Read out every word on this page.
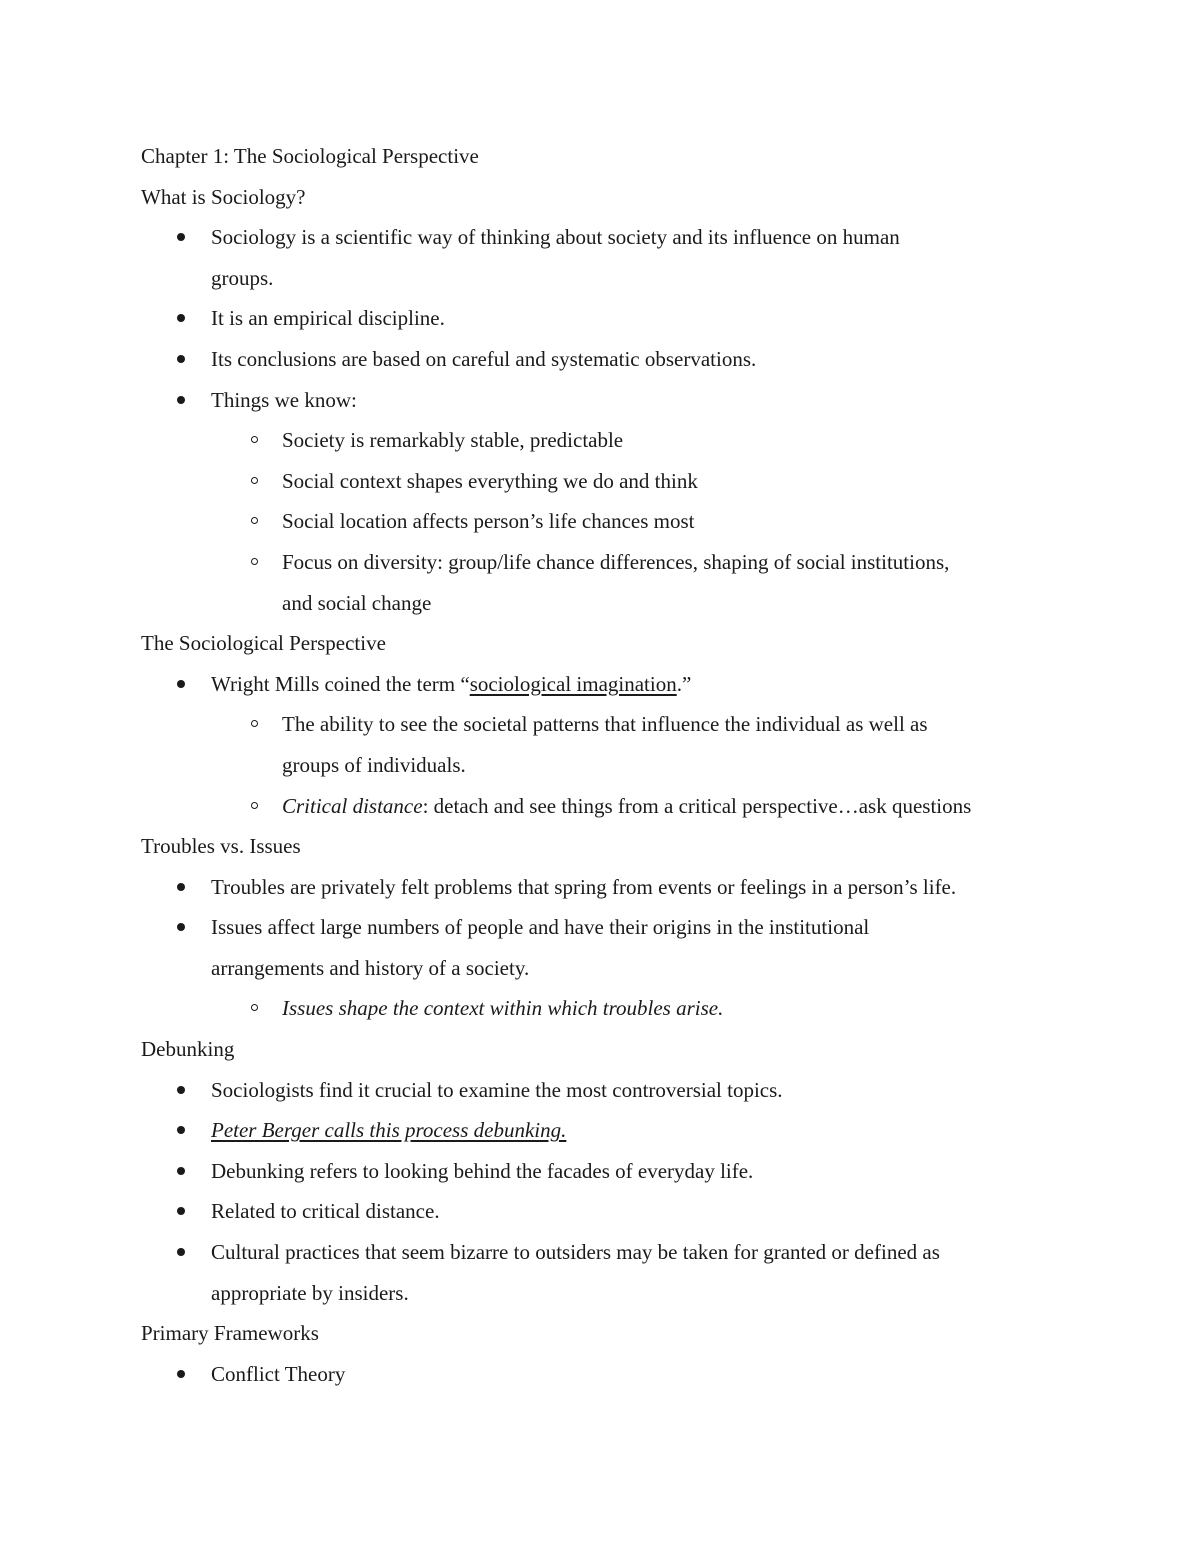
Chapter 1: The Sociological Perspective

What is Sociology?

Sociology is a scientific way of thinking about society and its influence on human

groups.

It is an empirical discipline.

Its conclusions are based on careful and systematic observations.

Things we know:

Society is remarkably stable, predictable

Social context shapes everything we do and think

Social location affects person’s life chances most

Focus on diversity: group/life chance differences, shaping of social institutions,

and social change

The Sociological Perspective

Wright Mills coined the term “sociological imagination.”

The ability to see the societal patterns that influence the individual as well as

groups of individuals.

Critical distance: detach and see things from a critical perspective…ask questions

Troubles vs. Issues

Troubles are privately felt problems that spring from events or feelings in a person’s life.

Issues affect large numbers of people and have their origins in the institutional

arrangements and history of a society.

Issues shape the context within which troubles arise.

Debunking

Sociologists find it crucial to examine the most controversial topics.

Peter Berger calls this process debunking.

Debunking refers to looking behind the facades of everyday life.

Related to critical distance.

Cultural practices that seem bizarre to outsiders may be taken for granted or defined as

appropriate by insiders.

Primary Frameworks

Conflict Theory
